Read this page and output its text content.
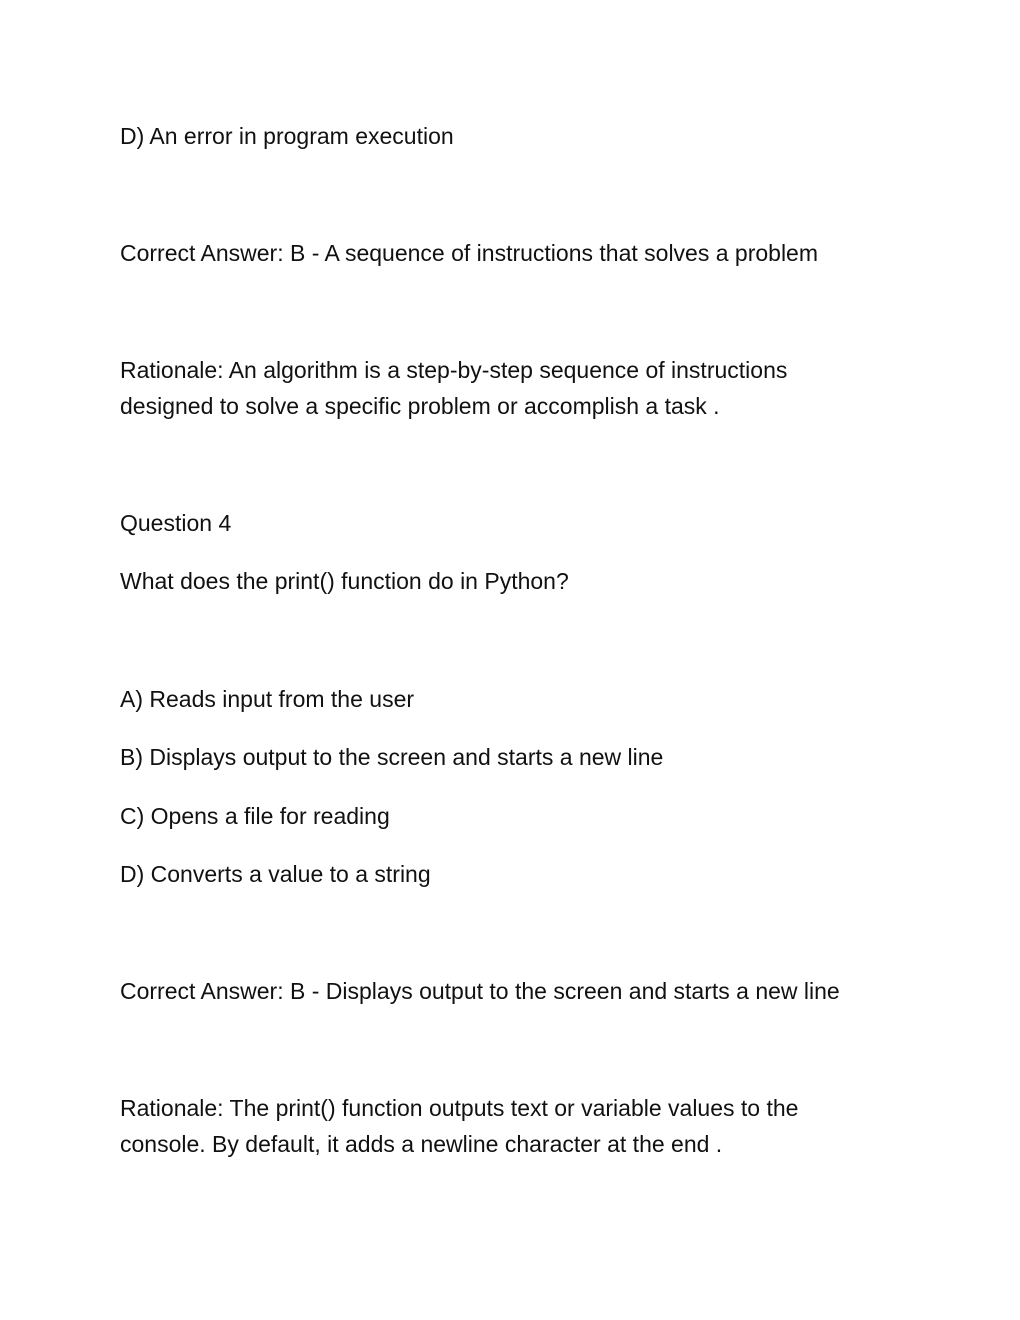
D) An error in program execution
Correct Answer: B - A sequence of instructions that solves a problem
Rationale: An algorithm is a step-by-step sequence of instructions
designed to solve a specific problem or accomplish a task .
Question 4
What does the print() function do in Python?
A) Reads input from the user
B) Displays output to the screen and starts a new line
C) Opens a file for reading
D) Converts a value to a string
Correct Answer: B - Displays output to the screen and starts a new line
Rationale: The print() function outputs text or variable values to the
console. By default, it adds a newline character at the end .
